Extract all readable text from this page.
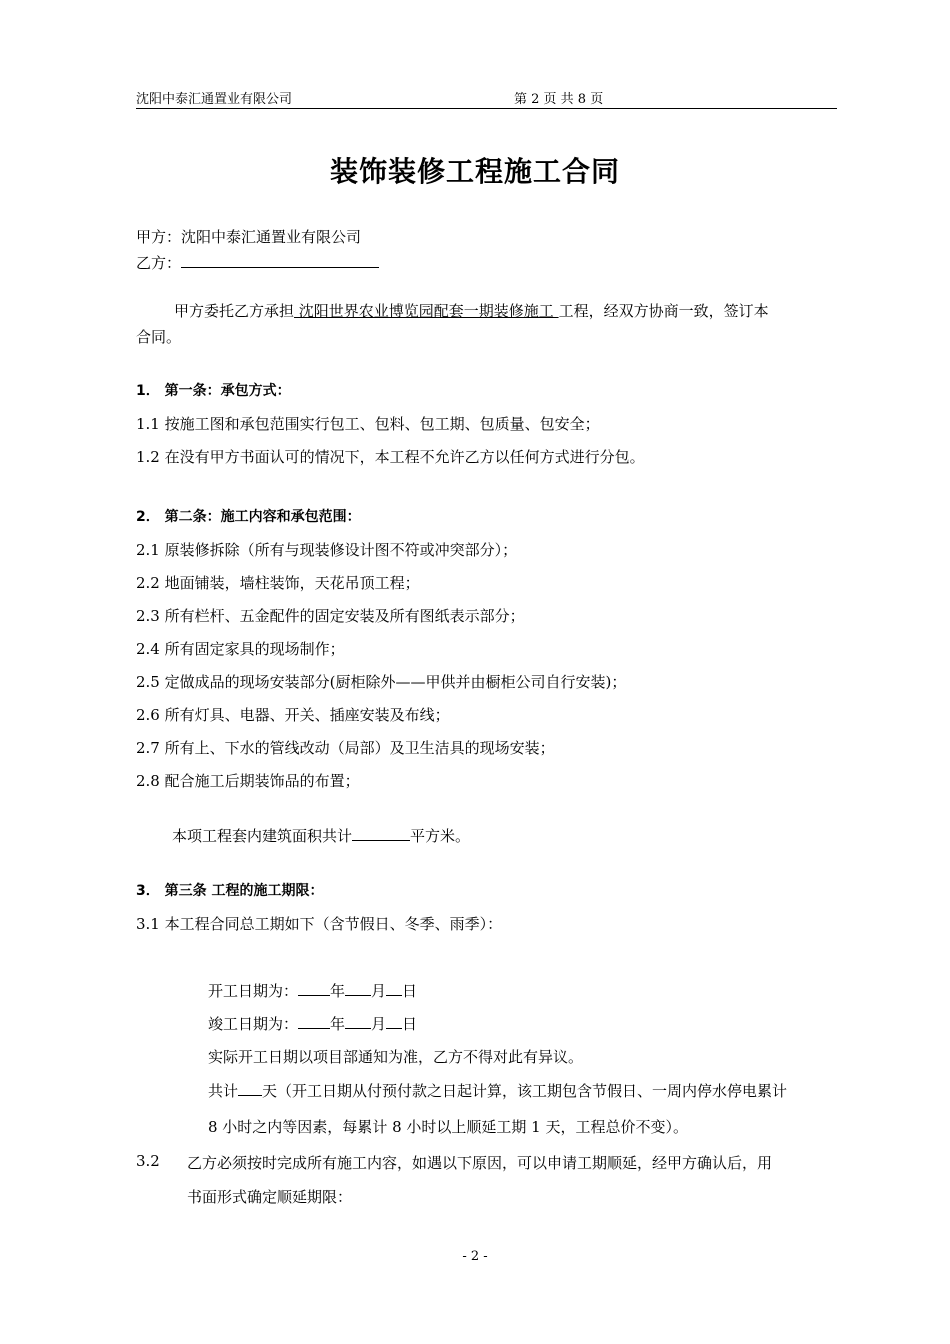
沈阳中泰汇通置业有限公司	第 2 页 共 8 页
装饰装修工程施工合同
甲方：沈阳中泰汇通置业有限公司
乙方：
甲方委托乙方承担 沈阳世界农业博览园配套一期装修施工 工程，经双方协商一致，签订本
合同。
1． 第一条：承包方式：
1.1 按施工图和承包范围实行包工、包料、包工期、包质量、包安全；
1.2 在没有甲方书面认可的情况下，本工程不允许乙方以任何方式进行分包。
2． 第二条：施工内容和承包范围：
2.1 原装修拆除（所有与现装修设计图不符或冲突部分）；
2.2 地面铺装，墙柱装饰，天花吊顶工程；
2.3 所有栏杆、五金配件的固定安装及所有图纸表示部分；
2.4 所有固定家具的现场制作；
2.5 定做成品的现场安装部分(厨柜除外——甲供并由橱柜公司自行安装)；
2.6 所有灯具、电器、开关、插座安装及布线；
2.7 所有上、下水的管线改动（局部）及卫生洁具的现场安装；
2.8 配合施工后期装饰品的布置；
本项工程套内建筑面积共计	平方米。
3． 第三条 工程的施工期限：
3.1 本工程合同总工期如下（含节假日、冬季、雨季）：
开工日期为： 年 月 日
竣工日期为： 年 月 日
实际开工日期以项目部通知为准，乙方不得对此有异议。
共计 天（开工日期从付预付款之日起计算，该工期包含节假日、一周内停水停电累计
8 小时之内等因素，每累计 8 小时以上顺延工期 1 天，工程总价不变）。
3.2 乙方必须按时完成所有施工内容，如遇以下原因，可以申请工期顺延，经甲方确认后，用
书面形式确定顺延期限：
- 2 -
